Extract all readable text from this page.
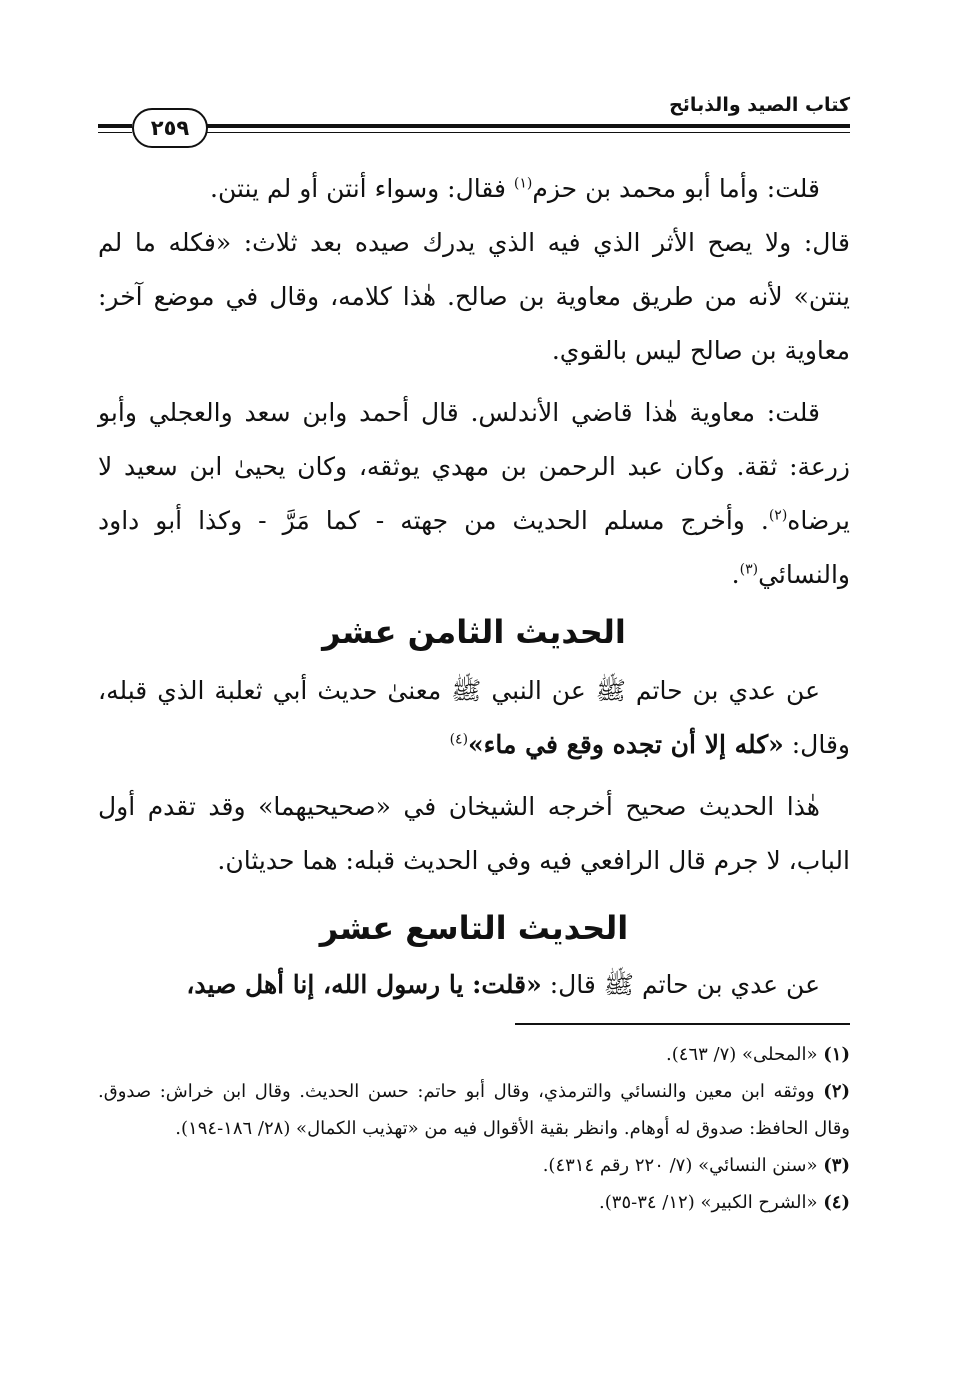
كتاب الصيد والذبائح
٢٥٩

قلت: وأما أبو محمد بن حزم$^{(١)}$ فقال: وسواء أنتن أو لم ينتن.

قال: ولا يصح الأثر الذي فيه الذي يدرك صيده بعد ثلاث: «فكله ما لم ينتن» لأنه من طريق معاوية بن صالح. هٰذا كلامه، وقال في موضع آخر: معاوية بن صالح ليس بالقوي.

قلت: معاوية هٰذا قاضي الأندلس. قال أحمد وابن سعد والعجلي وأبو زرعة: ثقة. وكان عبد الرحمن بن مهدي يوثقه، وكان يحيىٰ ابن سعيد لا يرضاه$^{(٢)}$. وأخرج مسلم الحديث من جهته - كما مَرَّ - وكذا أبو داود والنسائي$^{(٣)}$.

الحديث الثامن عشر

عن عدي بن حاتم ﷺ عن النبي ﷺ معنىٰ حديث أبي ثعلبة الذي قبله، وقال: «كله إلا أن تجده وقع في ماء»$^{(٤)}$

هٰذا الحديث صحيح أخرجه الشيخان في «صحيحيهما» وقد تقدم أول الباب، لا جرم قال الرافعي فيه وفي الحديث قبله: هما حديثان.

الحديث التاسع عشر

عن عدي بن حاتم ﷺ قال: «قلت: يا رسول الله، إنا أهل صيد،

(١) «المحلى» (٧/ ٤٦٣).

(٢) ووثقه ابن معين والنسائي والترمذي، وقال أبو حاتم: حسن الحديث. وقال ابن خراش: صدوق. وقال الحافظ: صدوق له أوهام. وانظر بقية الأقوال فيه من «تهذيب الكمال» (٢٨/ ١٨٦-١٩٤).

(٣) «سنن النسائي» (٧/ ٢٢٠ رقم ٤٣١٤).

(٤) «الشرح الكبير» (١٢/ ٣٤-٣٥).
